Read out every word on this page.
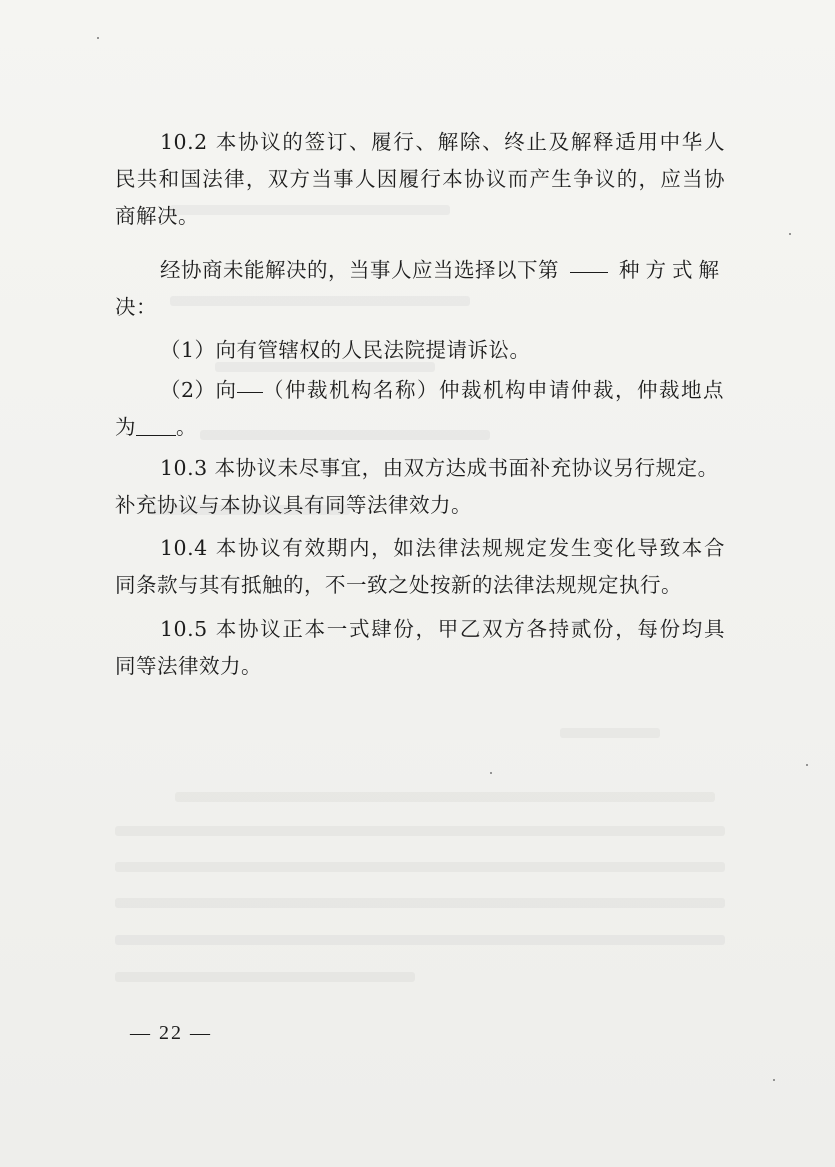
10.2 本协议的签订、履行、解除、终止及解释适用中华人
民共和国法律，双方当事人因履行本协议而产生争议的，应当协
商解决。
经协商未能解决的，当事人应当选择以下第	种方式解
决：
（1）向有管辖权的人民法院提请诉讼。
（2）向 （仲裁机构名称）仲裁机构申请仲裁，仲裁地点
为 。
10.3 本协议未尽事宜，由双方达成书面补充协议另行规定。
补充协议与本协议具有同等法律效力。
10.4 本协议有效期内，如法律法规规定发生变化导致本合
同条款与其有抵触的，不一致之处按新的法律法规规定执行。
10.5 本协议正本一式肆份，甲乙双方各持贰份，每份均具
同等法律效力。
— 22 —
